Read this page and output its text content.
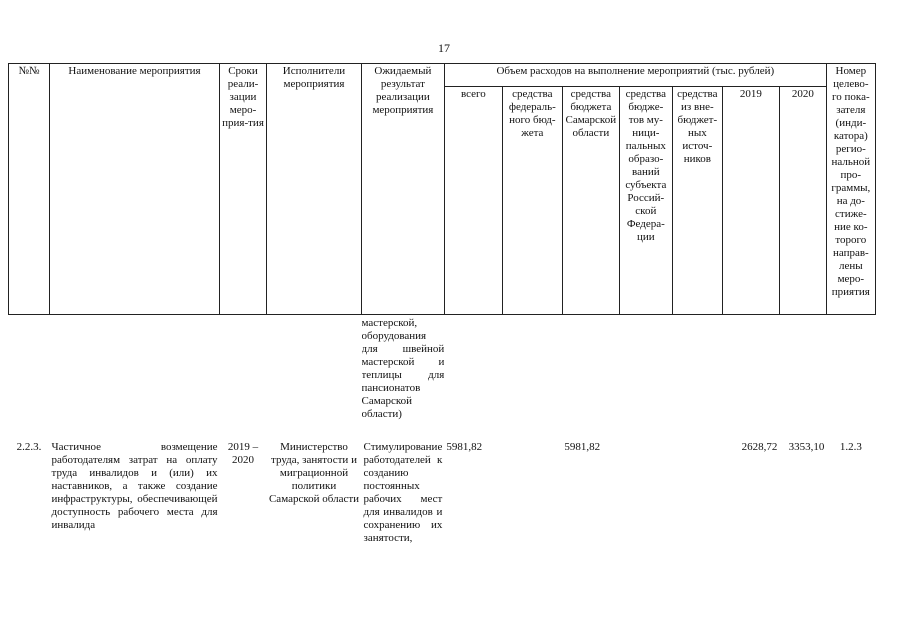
17
№№	Наименование мероприятия	Сроки реали-зации меро-прия-тия	Исполнители мероприятия	Ожидаемый результат реализации мероприятия	Объем расходов на выполнение мероприятий (тыс. рублей)							Номер целево-го пока-зателя (инди-катора) регио-нальной про-граммы, на до-стиже-ние ко-торого направ-лены меро-приятия
					всего	средства федераль-ного бюд-жета	средства бюджета Самарской области	средства бюдже-тов му-ници-пальных образо-ваний субъекта Россий-ской Федера-ции	средства из вне-бюджет-ных источ-ников	2019	2020	

				мастерской, оборудования для швейной мастерской и теплицы для пансионатов Самарской области)								

2.2.3.	Частичное возмещение работодателям затрат на оплату труда инвалидов и (или) их наставников, а также создание инфраструктуры, обеспечивающей доступность рабочего места для инвалида	2019 – 2020	Министерство труда, занятости и миграционной политики Самарской области	Стимулирование работодателей к созданию постоянных рабочих мест для инвалидов и сохранению их занятости,	5981,82		5981,82			2628,72	3353,10	1.2.3
